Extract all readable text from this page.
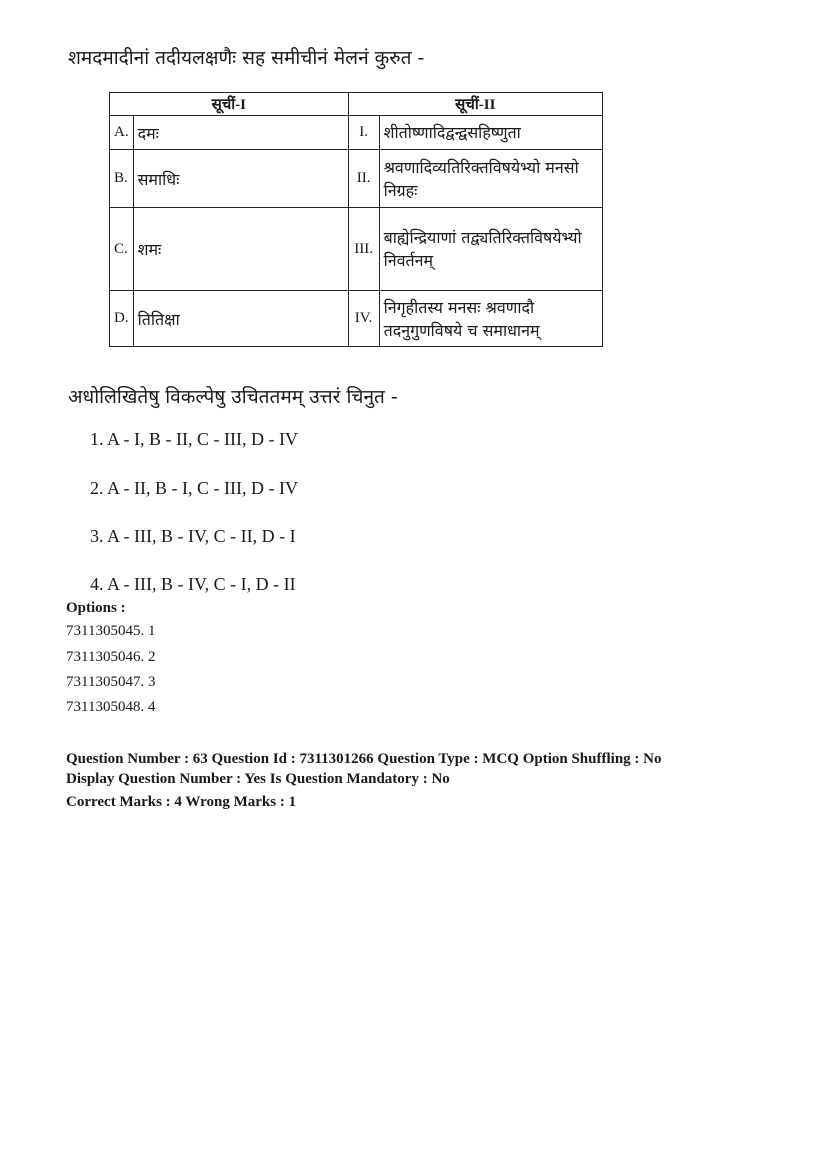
शमदमादीनां तदीयलक्षणैः सह समीचीनं मेलनं कुरुत -
सूचीं-I		सूचीं-II	
A.	दमः	I.	शीतोष्णादिद्वन्द्वसहिष्णुता
B.	समाधिः	II.	श्रवणादिव्यतिरिक्तविषयेभ्यो मनसो निग्रहः
C.	शमः	III.	बाह्येन्द्रियाणां तद्व्यतिरिक्तविषयेभ्यो निवर्तनम्
D.	तितिक्षा	IV.	निगृहीतस्य मनसः श्रवणादौ तदनुगुणविषये च समाधानम्
अधोलिखितेषु विकल्पेषु उचिततमम् उत्तरं चिनुत -
1. A - I, B - II, C - III, D - IV
2. A - II, B - I, C - III, D - IV
3. A - III, B - IV, C - II, D - I
4. A - III, B - IV, C - I, D - II
Options :
7311305045. 1
7311305046. 2
7311305047. 3
7311305048. 4
Question Number : 63 Question Id : 7311301266 Question Type : MCQ Option Shuffling : No
Display Question Number : Yes Is Question Mandatory : No
Correct Marks : 4 Wrong Marks : 1
